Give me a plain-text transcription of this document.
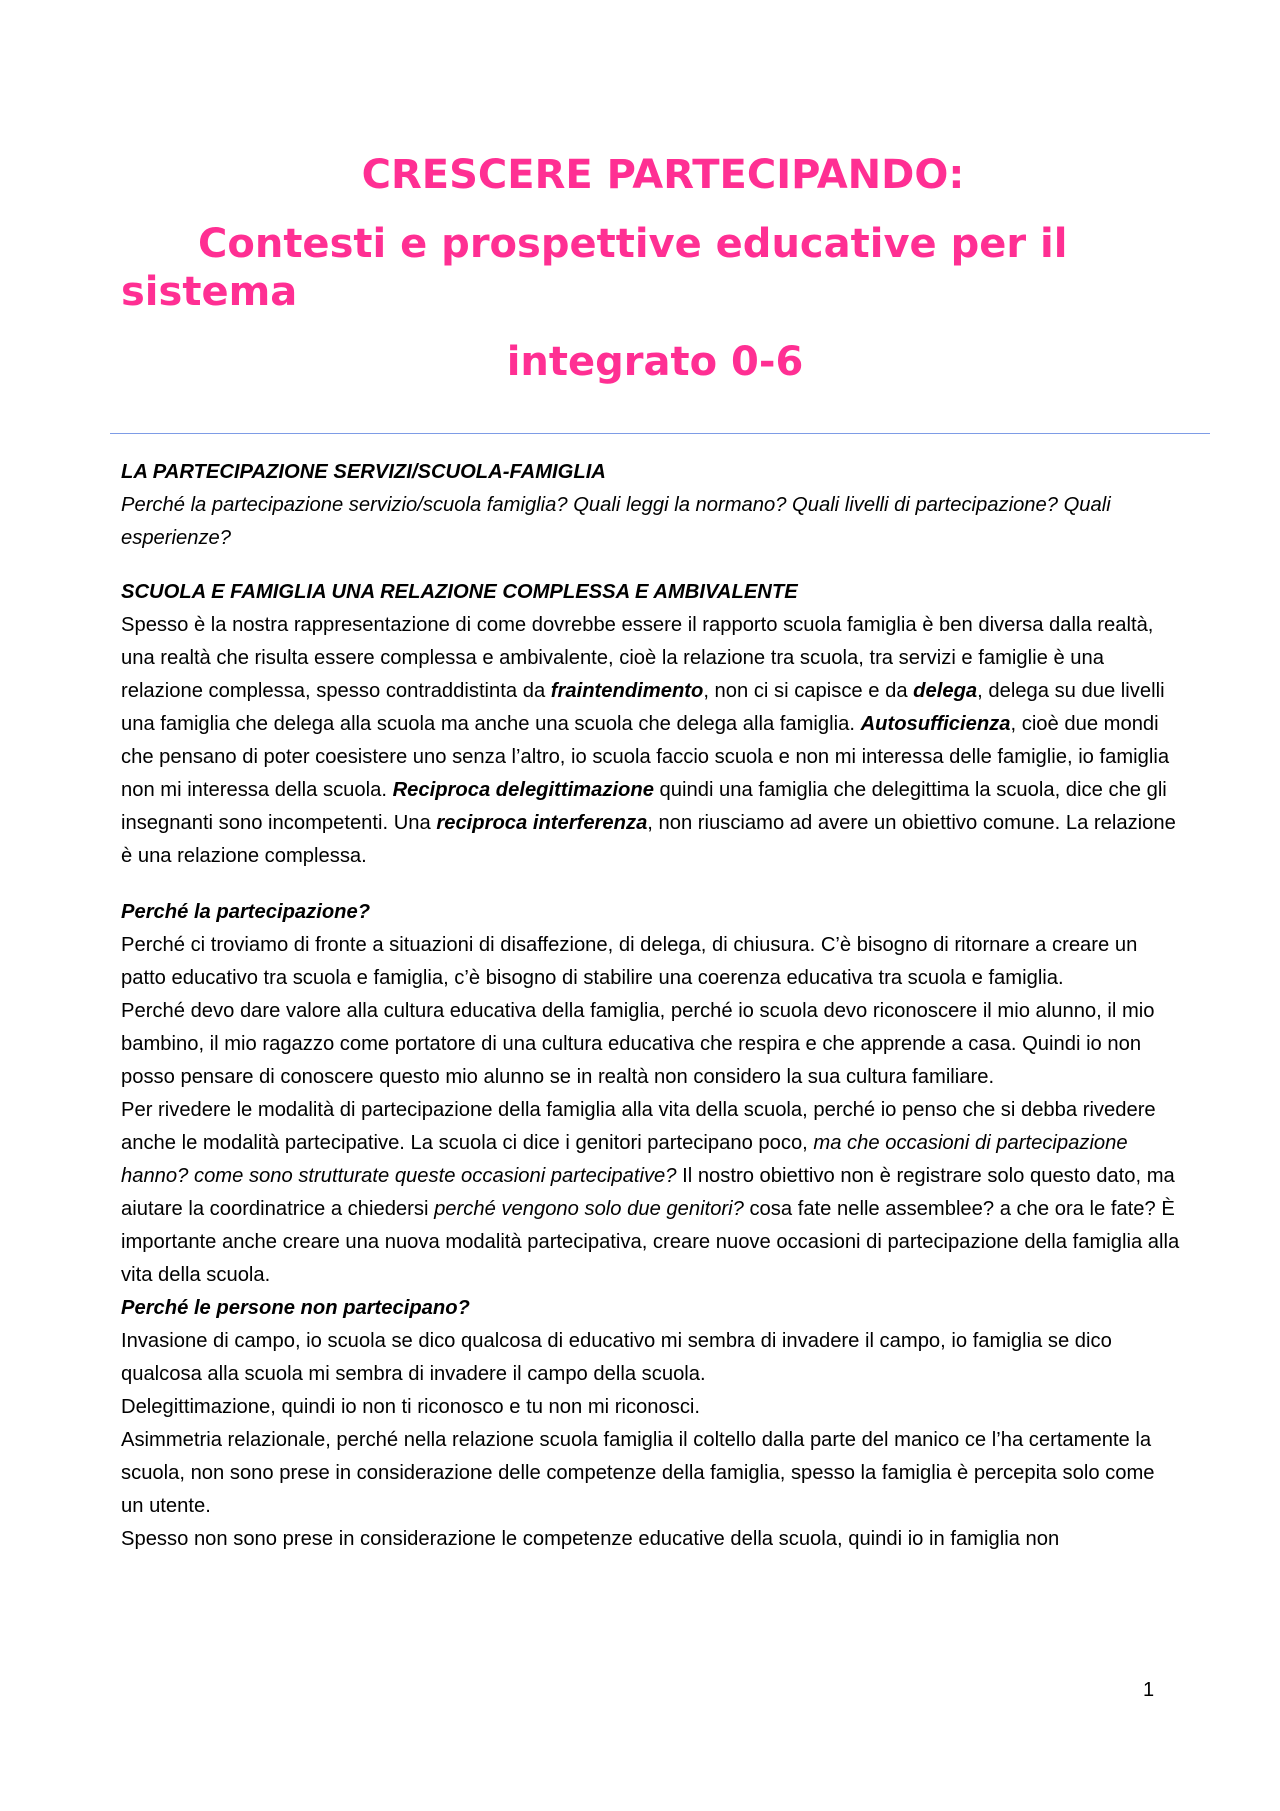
CRESCERE PARTECIPANDO:

Contesti e prospettive educative per il

sistema

integrato 0-6

LA PARTECIPAZIONE SERVIZI/SCUOLA-FAMIGLIA

Perché la partecipazione servizio/scuola famiglia? Quali leggi la normano? Quali livelli di partecipazione? Quali esperienze?

SCUOLA E FAMIGLIA UNA RELAZIONE COMPLESSA E AMBIVALENTE

Spesso è la nostra rappresentazione di come dovrebbe essere il rapporto scuola famiglia è ben diversa dalla realtà, una realtà che risulta essere complessa e ambivalente, cioè la relazione tra scuola, tra servizi e famiglie è una relazione complessa, spesso contraddistinta da fraintendimento, non ci si capisce e da delega, delega su due livelli una famiglia che delega alla scuola ma anche una scuola che delega alla famiglia. Autosufficienza, cioè due mondi che pensano di poter coesistere uno senza l’altro, io scuola faccio scuola e non mi interessa delle famiglie, io famiglia non mi interessa della scuola. Reciproca delegittimazione quindi una famiglia che delegittima la scuola, dice che gli insegnanti sono incompetenti. Una reciproca interferenza, non riusciamo ad avere un obiettivo comune. La relazione è una relazione complessa.

Perché la partecipazione?

Perché ci troviamo di fronte a situazioni di disaffezione, di delega, di chiusura. C’è bisogno di ritornare a creare un patto educativo tra scuola e famiglia, c’è bisogno di stabilire una coerenza educativa tra scuola e famiglia.

Perché devo dare valore alla cultura educativa della famiglia, perché io scuola devo riconoscere il mio alunno, il mio bambino, il mio ragazzo come portatore di una cultura educativa che respira e che apprende a casa. Quindi io non posso pensare di conoscere questo mio alunno se in realtà non considero la sua cultura familiare.

Per rivedere le modalità di partecipazione della famiglia alla vita della scuola, perché io penso che si debba rivedere anche le modalità partecipative. La scuola ci dice i genitori partecipano poco, ma che occasioni di partecipazione hanno? come sono strutturate queste occasioni partecipative? Il nostro obiettivo non è registrare solo questo dato, ma aiutare la coordinatrice a chiedersi perché vengono solo due genitori? cosa fate nelle assemblee? a che ora le fate? È importante anche creare una nuova modalità partecipativa, creare nuove occasioni di partecipazione della famiglia alla vita della scuola.

Perché le persone non partecipano?

Invasione di campo, io scuola se dico qualcosa di educativo mi sembra di invadere il campo, io famiglia se dico qualcosa alla scuola mi sembra di invadere il campo della scuola.

Delegittimazione, quindi io non ti riconosco e tu non mi riconosci.

Asimmetria relazionale, perché nella relazione scuola famiglia il coltello dalla parte del manico ce l’ha certamente la scuola, non sono prese in considerazione delle competenze della famiglia, spesso la famiglia è percepita solo come un utente.

Spesso non sono prese in considerazione le competenze educative della scuola, quindi io in famiglia non

1
